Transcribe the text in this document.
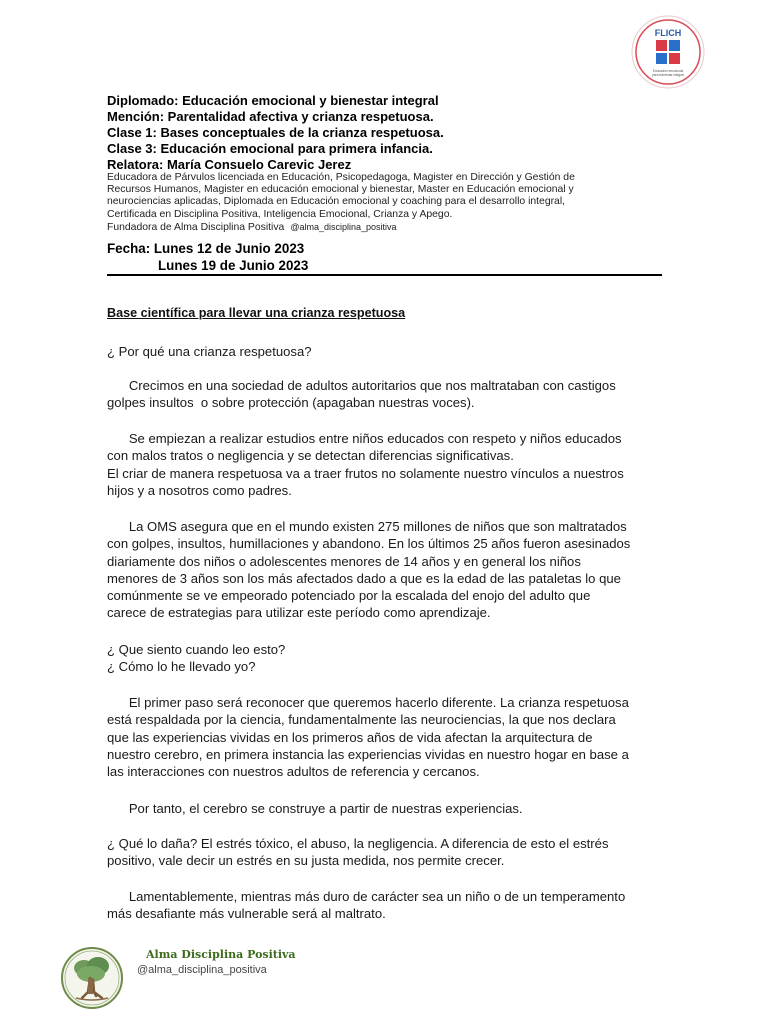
FLICH
Educación emocional
para bienestar integral
Diplomado: Educación emocional y bienestar integral
Mención: Parentalidad afectiva y crianza respetuosa.
Clase 1: Bases conceptuales de la crianza respetuosa.
Clase 3: Educación emocional para primera infancia.
Relatora: María Consuelo Carevic Jerez
Educadora de Párvulos licenciada en Educación, Psicopedagoga, Magister en Dirección y Gestión de
Recursos Humanos, Magister en educación emocional y bienestar, Master en Educación emocional y
neurociencias aplicadas, Diplomada en Educación emocional y coaching para el desarrollo integral,
Certificada en Disciplina Positiva, Inteligencia Emocional, Crianza y Apego.
Fundadora de Alma Disciplina Positiva @alma_disciplina_positiva
Fecha: Lunes 12 de Junio 2023
Lunes 19 de Junio 2023
Base científica para llevar una crianza respetuosa
¿ Por qué una crianza respetuosa?
Crecimos en una sociedad de adultos autoritarios que nos maltrataban con castigos
golpes insultos  o sobre protección (apagaban nuestras voces).
Se empiezan a realizar estudios entre niños educados con respeto y niños educados
con malos tratos o negligencia y se detectan diferencias significativas.
El criar de manera respetuosa va a traer frutos no solamente nuestro vínculos a nuestros
hijos y a nosotros como padres.
La OMS asegura que en el mundo existen 275 millones de niños que son maltratados
con golpes, insultos, humillaciones y abandono. En los últimos 25 años fueron asesinados
diariamente dos niños o adolescentes menores de 14 años y en general los niños
menores de 3 años son los más afectados dado a que es la edad de las pataletas lo que
comúnmente se ve empeorado potenciado por la escalada del enojo del adulto que
carece de estrategias para utilizar este período como aprendizaje.
¿ Que siento cuando leo esto?
¿ Cómo lo he llevado yo?
El primer paso será reconocer que queremos hacerlo diferente. La crianza respetuosa
está respaldada por la ciencia, fundamentalmente las neurociencias, la que nos declara
que las experiencias vividas en los primeros años de vida afectan la arquitectura de
nuestro cerebro, en primera instancia las experiencias vividas en nuestro hogar en base a
las interacciones con nuestros adultos de referencia y cercanos.
Por tanto, el cerebro se construye a partir de nuestras experiencias.
¿ Qué lo daña? El estrés tóxico, el abuso, la negligencia. A diferencia de esto el estrés
positivo, vale decir un estrés en su justa medida, nos permite crecer.
Lamentablemente, mientras más duro de carácter sea un niño o de un temperamento
más desafiante más vulnerable será al maltrato.
Alma Disciplina Positiva
@alma_disciplina_positiva
